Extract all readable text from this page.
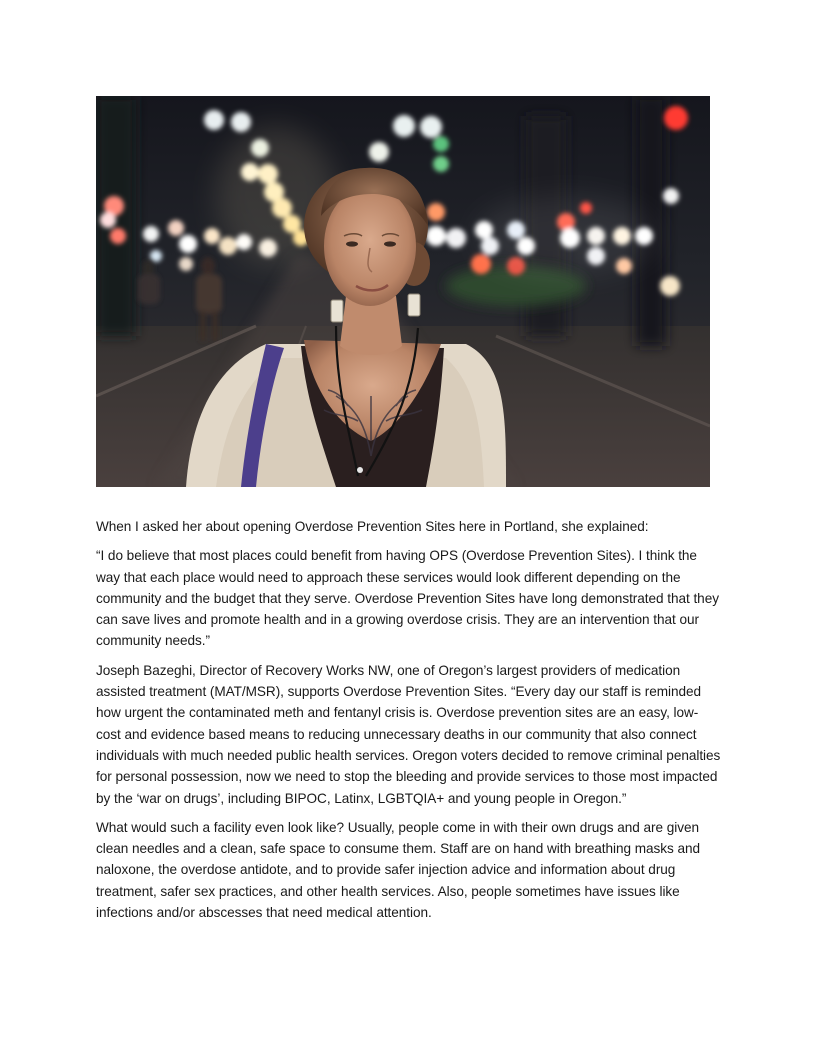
When I asked her about opening Overdose Prevention Sites here in Portland, she explained:

“I do believe that most places could benefit from having OPS (Overdose Prevention Sites). I think the way that each place would need to approach these services would look different depending on the community and the budget that they serve. Overdose Prevention Sites have long demonstrated that they can save lives and promote health and in a growing overdose crisis. They are an intervention that our community needs.”

Joseph Bazeghi, Director of Recovery Works NW, one of Oregon’s largest providers of medication assisted treatment (MAT/MSR), supports Overdose Prevention Sites. “Every day our staff is reminded how urgent the contaminated meth and fentanyl crisis is. Overdose prevention sites are an easy, low-cost and evidence based means to reducing unnecessary deaths in our community that also connect individuals with much needed public health services. Oregon voters decided to remove criminal penalties for personal possession, now we need to stop the bleeding and provide services to those most impacted by the ‘war on drugs’, including BIPOC, Latinx, LGBTQIA+ and young people in Oregon.”

What would such a facility even look like? Usually, people come in with their own drugs and are given clean needles and a clean, safe space to consume them. Staff are on hand with breathing masks and naloxone, the overdose antidote, and to provide safer injection advice and information about drug treatment, safer sex practices, and other health services. Also, people sometimes have issues like infections and/or abscesses that need medical attention.
